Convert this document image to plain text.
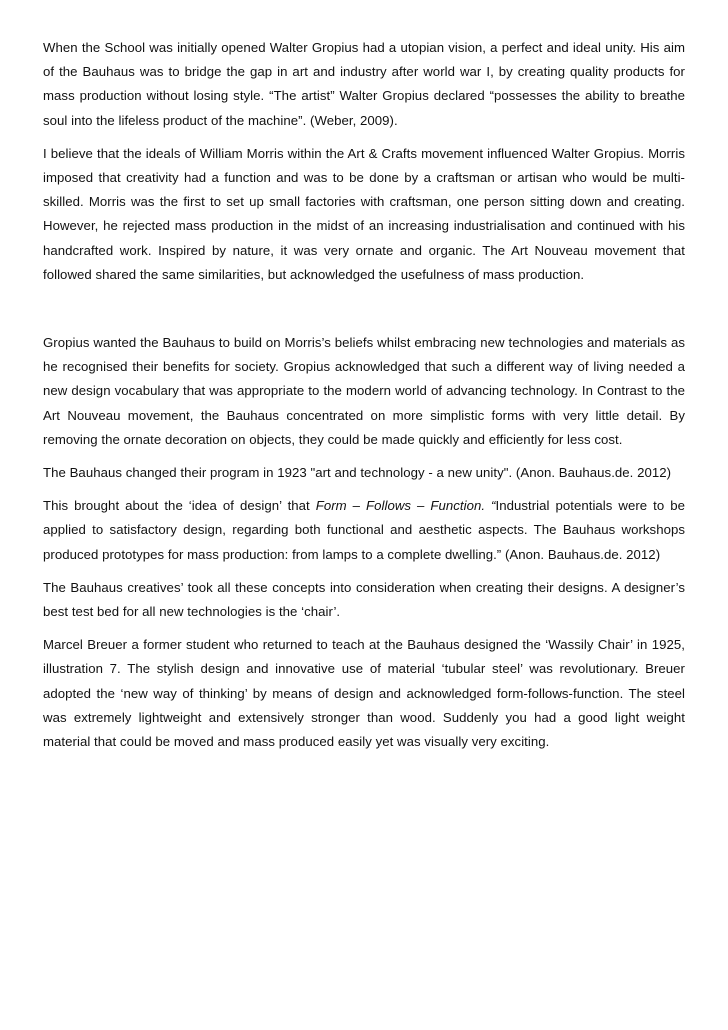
When the School was initially opened Walter Gropius had a utopian vision, a perfect and ideal unity. His aim of the Bauhaus was to bridge the gap in art and industry after world war I, by creating quality products for mass production without losing style. “The artist” Walter Gropius declared “possesses the ability to breathe soul into the lifeless product of the machine”. (Weber, 2009).

I believe that the ideals of William Morris within the Art & Crafts movement influenced Walter Gropius. Morris imposed that creativity had a function and was to be done by a craftsman or artisan who would be multi-skilled. Morris was the first to set up small factories with craftsman, one person sitting down and creating. However, he rejected mass production in the midst of an increasing industrialisation and continued with his handcrafted work. Inspired by nature, it was very ornate and organic. The Art Nouveau movement that followed shared the same similarities, but acknowledged the usefulness of mass production.

Gropius wanted the Bauhaus to build on Morris’s beliefs whilst embracing new technologies and materials as he recognised their benefits for society. Gropius acknowledged that such a different way of living needed a new design vocabulary that was appropriate to the modern world of advancing technology. In Contrast to the Art Nouveau movement, the Bauhaus concentrated on more simplistic forms with very little detail. By removing the ornate decoration on objects, they could be made quickly and efficiently for less cost.

The Bauhaus changed their program in 1923 "art and technology - a new unity". (Anon. Bauhaus.de. 2012)

This brought about the ‘idea of design’ that Form – Follows – Function. “Industrial potentials were to be applied to satisfactory design, regarding both functional and aesthetic aspects. The Bauhaus workshops produced prototypes for mass production: from lamps to a complete dwelling.” (Anon. Bauhaus.de. 2012)

The Bauhaus creatives’ took all these concepts into consideration when creating their designs. A designer’s best test bed for all new technologies is the ‘chair’.

Marcel Breuer a former student who returned to teach at the Bauhaus designed the ‘Wassily Chair’ in 1925, illustration 7. The stylish design and innovative use of material ‘tubular steel’ was revolutionary. Breuer adopted the ‘new way of thinking’ by means of design and acknowledged form-follows-function. The steel was extremely lightweight and extensively stronger than wood. Suddenly you had a good light weight material that could be moved and mass produced easily yet was visually very exciting.
